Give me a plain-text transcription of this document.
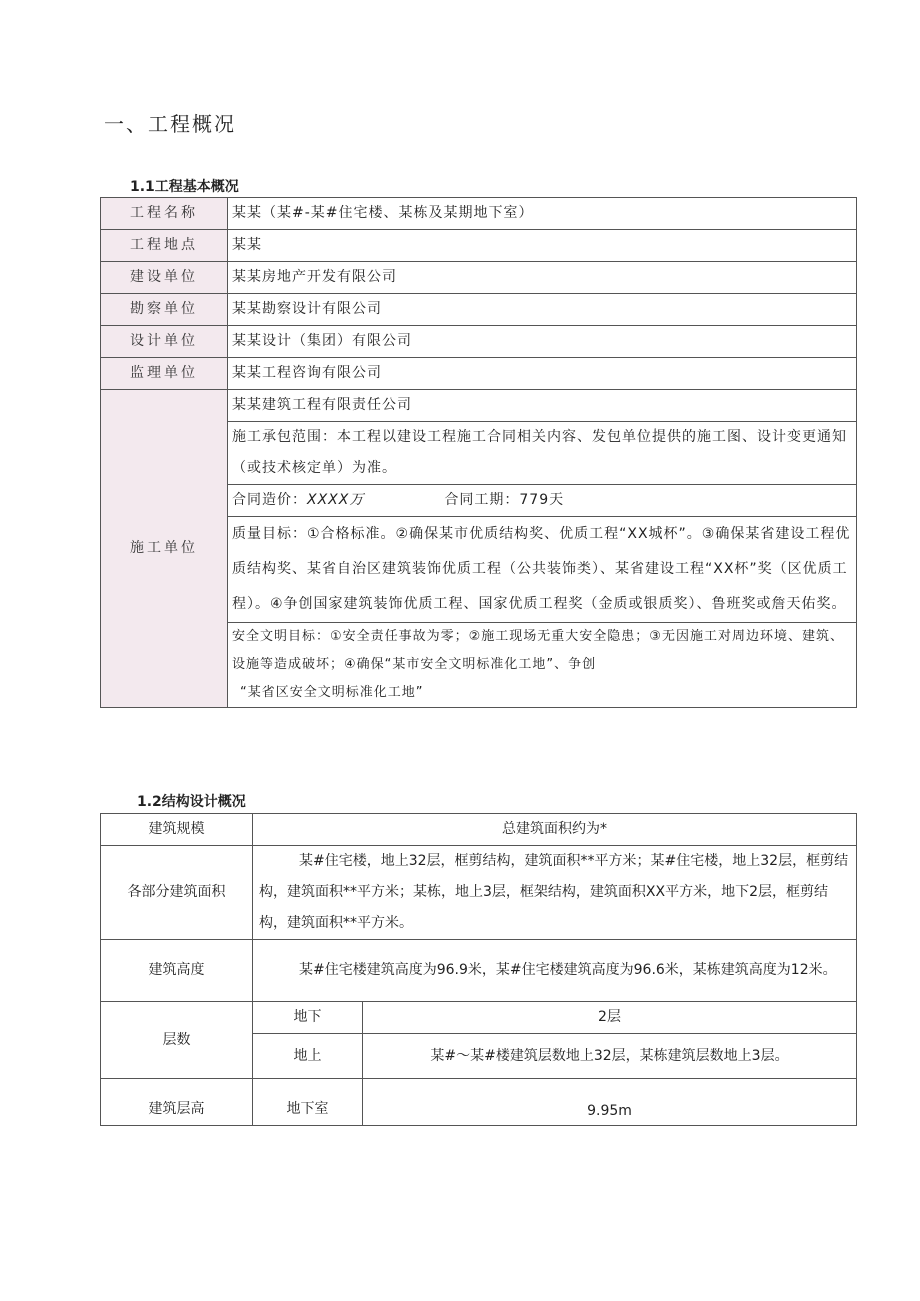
一、工程概况
1.1工程基本概况
工程名称	某某（某#-某#住宅楼、某栋及某期地下室）
工程地点	某某
建设单位	某某房地产开发有限公司
勘察单位	某某勘察设计有限公司
设计单位	某某设计（集团）有限公司
监理单位	某某工程咨询有限公司
施工单位	某某建筑工程有限责任公司
	施工承包范围：本工程以建设工程施工合同相关内容、发包单位提供的施工图、设计变更通知（或技术核定单）为准。
	合同造价：XXXX万 合同工期：779天
	质量目标：①合格标准。②确保某市优质结构奖、优质工程“XX城杯”。③确保某省建设工程优质结构奖、某省自治区建筑装饰优质工程（公共装饰类）、某省建设工程“XX杯”奖（区优质工程）。④争创国家建筑装饰优质工程、国家优质工程奖（金质或银质奖）、鲁班奖或詹天佑奖。
	安全文明目标：①安全责任事故为零；②施工现场无重大安全隐患；③无因施工对周边环境、建筑、设施等造成破坏；④确保“某市安全文明标准化工地”、争创
“某省区安全文明标准化工地”
1.2结构设计概况
建筑规模	总建筑面积约为*	
各部分建筑面积	某#住宅楼，地上32层，框剪结构，建筑面积**平方米；某#住宅楼，地上32层，框剪结构，建筑面积**平方米；某栋，地上3层，框架结构，建筑面积XX平方米，地下2层，框剪结构，建筑面积**平方米。	
建筑高度	某#住宅楼建筑高度为96.9米，某#住宅楼建筑高度为96.6米，某栋建筑高度为12米。	
层数	地下	2层
	地上	某#～某#楼建筑层数地上32层，某栋建筑层数地上3层。
建筑层高	地下室	9.95m
